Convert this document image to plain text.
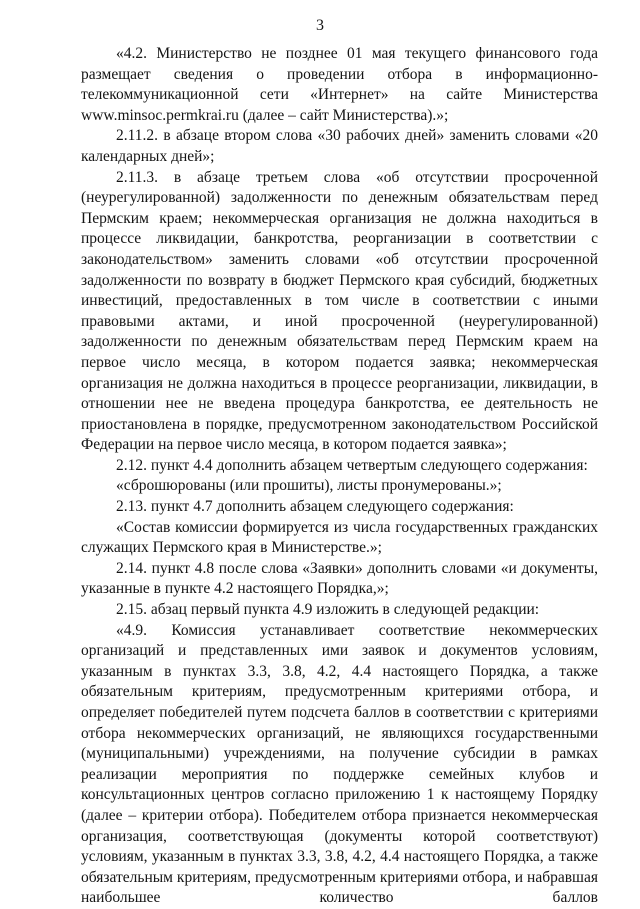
3

«4.2. Министерство не позднее 01 мая текущего финансового года размещает сведения о проведении отбора в информационно-телекоммуникационной сети «Интернет» на сайте Министерства www.minsoc.permkrai.ru (далее – сайт Министерства).»;

2.11.2. в абзаце втором слова «30 рабочих дней» заменить словами «20 календарных дней»;

2.11.3. в абзаце третьем слова «об отсутствии просроченной (неурегулированной) задолженности по денежным обязательствам перед Пермским краем; некоммерческая организация не должна находиться в процессе ликвидации, банкротства, реорганизации в соответствии с законодательством» заменить словами «об отсутствии просроченной задолженности по возврату в бюджет Пермского края субсидий, бюджетных инвестиций, предоставленных в том числе в соответствии с иными правовыми актами, и иной просроченной (неурегулированной) задолженности по денежным обязательствам перед Пермским краем на первое число месяца, в котором подается заявка; некоммерческая организация не должна находиться в процессе реорганизации, ликвидации, в отношении нее не введена процедура банкротства, ее деятельность не приостановлена в порядке, предусмотренном законодательством Российской Федерации на первое число месяца, в котором подается заявка»;

2.12. пункт 4.4 дополнить абзацем четвертым следующего содержания:

«сброшюрованы (или прошиты), листы пронумерованы.»;

2.13. пункт 4.7 дополнить абзацем следующего содержания:

«Состав комиссии формируется из числа государственных гражданских служащих Пермского края в Министерстве.»;

2.14. пункт 4.8 после слова «Заявки» дополнить словами «и документы, указанные в пункте 4.2 настоящего Порядка,»;

2.15. абзац первый пункта 4.9 изложить в следующей редакции:

«4.9. Комиссия устанавливает соответствие некоммерческих организаций и представленных ими заявок и документов условиям, указанным в пунктах 3.3, 3.8, 4.2, 4.4 настоящего Порядка, а также обязательным критериям, предусмотренным критериями отбора, и определяет победителей путем подсчета баллов в соответствии с критериями отбора некоммерческих организаций, не являющихся государственными (муниципальными) учреждениями, на получение субсидии в рамках реализации мероприятия по поддержке семейных клубов и консультационных центров согласно приложению 1 к настоящему Порядку (далее – критерии отбора). Победителем отбора признается некоммерческая организация, соответствующая (документы которой соответствуют) условиям, указанным в пунктах 3.3, 3.8, 4.2, 4.4 настоящего Порядка, а также обязательным критериям, предусмотренным критериями отбора, и набравшая наибольшее количество баллов
